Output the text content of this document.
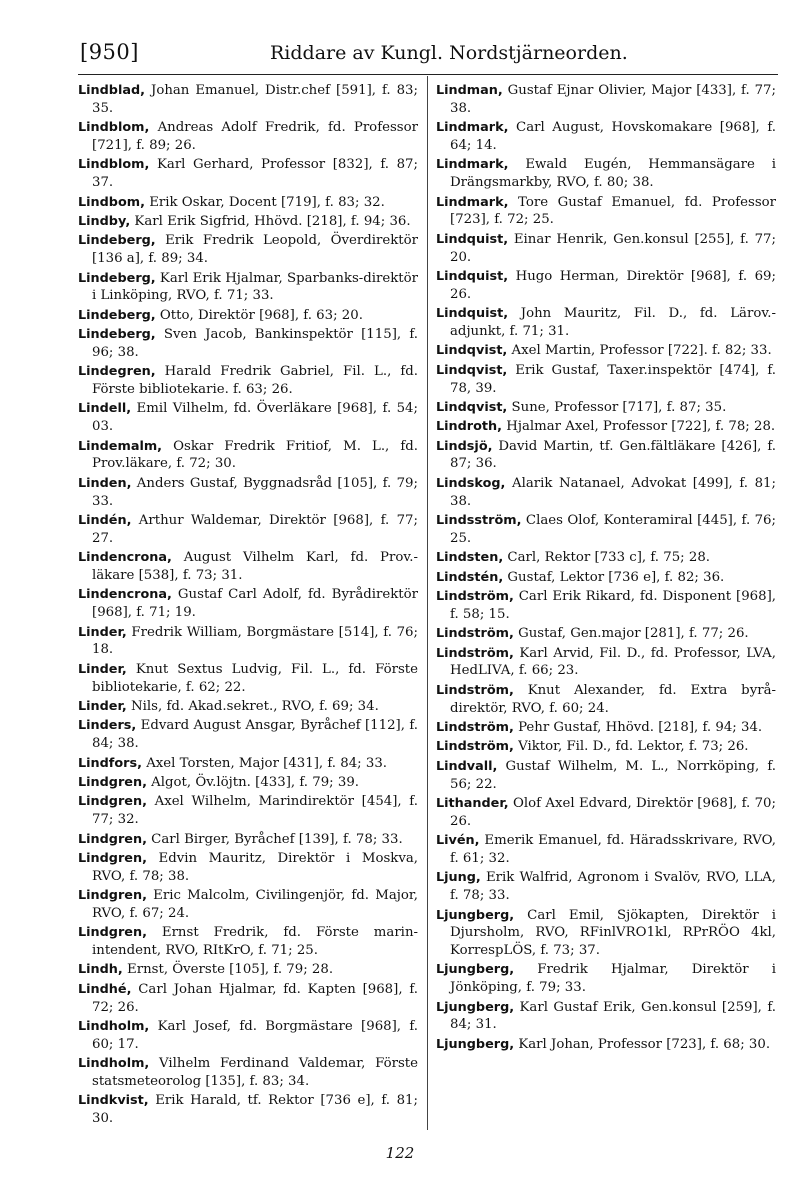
[950]	Riddare av Kungl. Nordstjärneorden.
Lindblad, Johan Emanuel, Distr.chef [591], f. 83; 35.
Lindblom, Andreas Adolf Fredrik, fd. Professor [721], f. 89; 26.
Lindblom, Karl Gerhard, Professor [832], f. 87; 37.
Lindbom, Erik Oskar, Docent [719], f. 83; 32.
Lindby, Karl Erik Sigfrid, Hhövd. [218], f. 94; 36.
Lindeberg, Erik Fredrik Leopold, Överdirektör [136 a], f. 89; 34.
Lindeberg, Karl Erik Hjalmar, Sparbanks-direktör i Linköping, RVO, f. 71; 33.
Lindeberg, Otto, Direktör [968], f. 63; 20.
Lindeberg, Sven Jacob, Bankinspektör [115], f. 96; 38.
Lindegren, Harald Fredrik Gabriel, Fil. L., fd. Förste bibliotekarie. f. 63; 26.
Lindell, Emil Vilhelm, fd. Överläkare [968], f. 54; 03.
Lindemalm, Oskar Fredrik Fritiof, M. L., fd. Prov.läkare, f. 72; 30.
Linden, Anders Gustaf, Byggnadsråd [105], f. 79; 33.
Lindén, Arthur Waldemar, Direktör [968], f. 77; 27.
Lindencrona, August Vilhelm Karl, fd. Prov.-läkare [538], f. 73; 31.
Lindencrona, Gustaf Carl Adolf, fd. Byrådirektör [968], f. 71; 19.
Linder, Fredrik William, Borgmästare [514], f. 76; 18.
Linder, Knut Sextus Ludvig, Fil. L., fd. Förste bibliotekarie, f. 62; 22.
Linder, Nils, fd. Akad.sekret., RVO, f. 69; 34.
Linders, Edvard August Ansgar, Byråchef [112], f. 84; 38.
Lindfors, Axel Torsten, Major [431], f. 84; 33.
Lindgren, Algot, Öv.löjtn. [433], f. 79; 39.
Lindgren, Axel Wilhelm, Marindirektör [454], f. 77; 32.
Lindgren, Carl Birger, Byråchef [139], f. 78; 33.
Lindgren, Edvin Mauritz, Direktör i Moskva, RVO, f. 78; 38.
Lindgren, Eric Malcolm, Civilingenjör, fd. Major, RVO, f. 67; 24.
Lindgren, Ernst Fredrik, fd. Förste marin-intendent, RVO, RItKrO, f. 71; 25.
Lindh, Ernst, Överste [105], f. 79; 28.
Lindhé, Carl Johan Hjalmar, fd. Kapten [968], f. 72; 26.
Lindholm, Karl Josef, fd. Borgmästare [968], f. 60; 17.
Lindholm, Vilhelm Ferdinand Valdemar, Förste statsmeteorolog [135], f. 83; 34.
Lindkvist, Erik Harald, tf. Rektor [736 e], f. 81; 30.
Lindman, Gustaf Ejnar Olivier, Major [433], f. 77; 38.
Lindmark, Carl August, Hovskomakare [968], f. 64; 14.
Lindmark, Ewald Eugén, Hemmansägare i Drängsmarkby, RVO, f. 80; 38.
Lindmark, Tore Gustaf Emanuel, fd. Professor [723], f. 72; 25.
Lindquist, Einar Henrik, Gen.konsul [255], f. 77; 20.
Lindquist, Hugo Herman, Direktör [968], f. 69; 26.
Lindquist, John Mauritz, Fil. D., fd. Lärov.-adjunkt, f. 71; 31.
Lindqvist, Axel Martin, Professor [722]. f. 82; 33.
Lindqvist, Erik Gustaf, Taxer.inspektör [474], f. 78, 39.
Lindqvist, Sune, Professor [717], f. 87; 35.
Lindroth, Hjalmar Axel, Professor [722], f. 78; 28.
Lindsjö, David Martin, tf. Gen.fältläkare [426], f. 87; 36.
Lindskog, Alarik Natanael, Advokat [499], f. 81; 38.
Lindsström, Claes Olof, Konteramiral [445], f. 76; 25.
Lindsten, Carl, Rektor [733 c], f. 75; 28.
Lindstén, Gustaf, Lektor [736 e], f. 82; 36.
Lindström, Carl Erik Rikard, fd. Disponent [968], f. 58; 15.
Lindström, Gustaf, Gen.major [281], f. 77; 26.
Lindström, Karl Arvid, Fil. D., fd. Professor, LVA, HedLIVA, f. 66; 23.
Lindström, Knut Alexander, fd. Extra byrå-direktör, RVO, f. 60; 24.
Lindström, Pehr Gustaf, Hhövd. [218], f. 94; 34.
Lindström, Viktor, Fil. D., fd. Lektor, f. 73; 26.
Lindvall, Gustaf Wilhelm, M. L., Norrköping, f. 56; 22.
Lithander, Olof Axel Edvard, Direktör [968], f. 70; 26.
Livén, Emerik Emanuel, fd. Häradsskrivare, RVO, f. 61; 32.
Ljung, Erik Walfrid, Agronom i Svalöv, RVO, LLA, f. 78; 33.
Ljungberg, Carl Emil, Sjökapten, Direktör i Djursholm, RVO, RFinlVRO1kl, RPrRÖO 4kl, KorrespLÖS, f. 73; 37.
Ljungberg, Fredrik Hjalmar, Direktör i Jönköping, f. 79; 33.
Ljungberg, Karl Gustaf Erik, Gen.konsul [259], f. 84; 31.
Ljungberg, Karl Johan, Professor [723], f. 68; 30.
122
